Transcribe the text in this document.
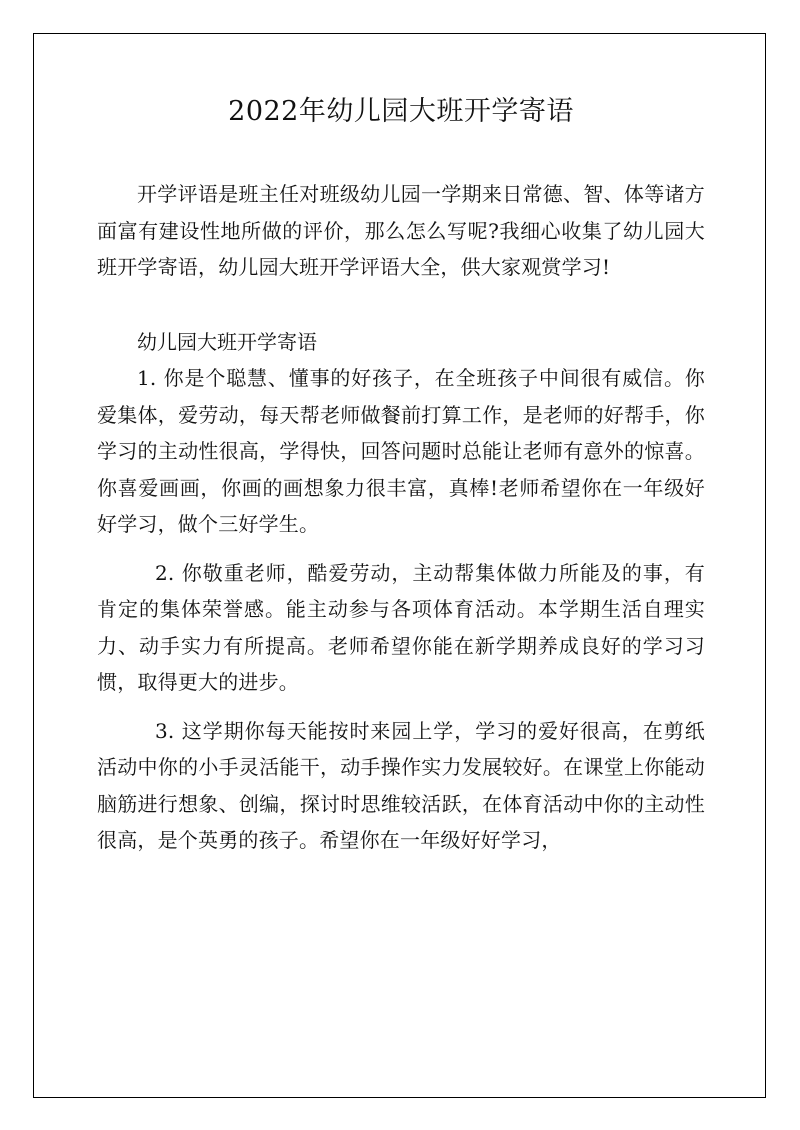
2022年幼儿园大班开学寄语

开学评语是班主任对班级幼儿园一学期来日常德、智、体等诸方面富有建设性地所做的评价，那么怎么写呢?我细心收集了幼儿园大班开学寄语，幼儿园大班开学评语大全，供大家观赏学习!

幼儿园大班开学寄语

1. 你是个聪慧、懂事的好孩子，在全班孩子中间很有威信。你爱集体，爱劳动，每天帮老师做餐前打算工作，是老师的好帮手，你学习的主动性很高，学得快，回答问题时总能让老师有意外的惊喜。你喜爱画画，你画的画想象力很丰富，真棒!老师希望你在一年级好好学习，做个三好学生。

2. 你敬重老师，酷爱劳动，主动帮集体做力所能及的事，有肯定的集体荣誉感。能主动参与各项体育活动。本学期生活自理实力、动手实力有所提高。老师希望你能在新学期养成良好的学习习惯，取得更大的进步。

3. 这学期你每天能按时来园上学，学习的爱好很高，在剪纸活动中你的小手灵活能干，动手操作实力发展较好。在课堂上你能动脑筋进行想象、创编，探讨时思维较活跃，在体育活动中你的主动性很高，是个英勇的孩子。希望你在一年级好好学习，
